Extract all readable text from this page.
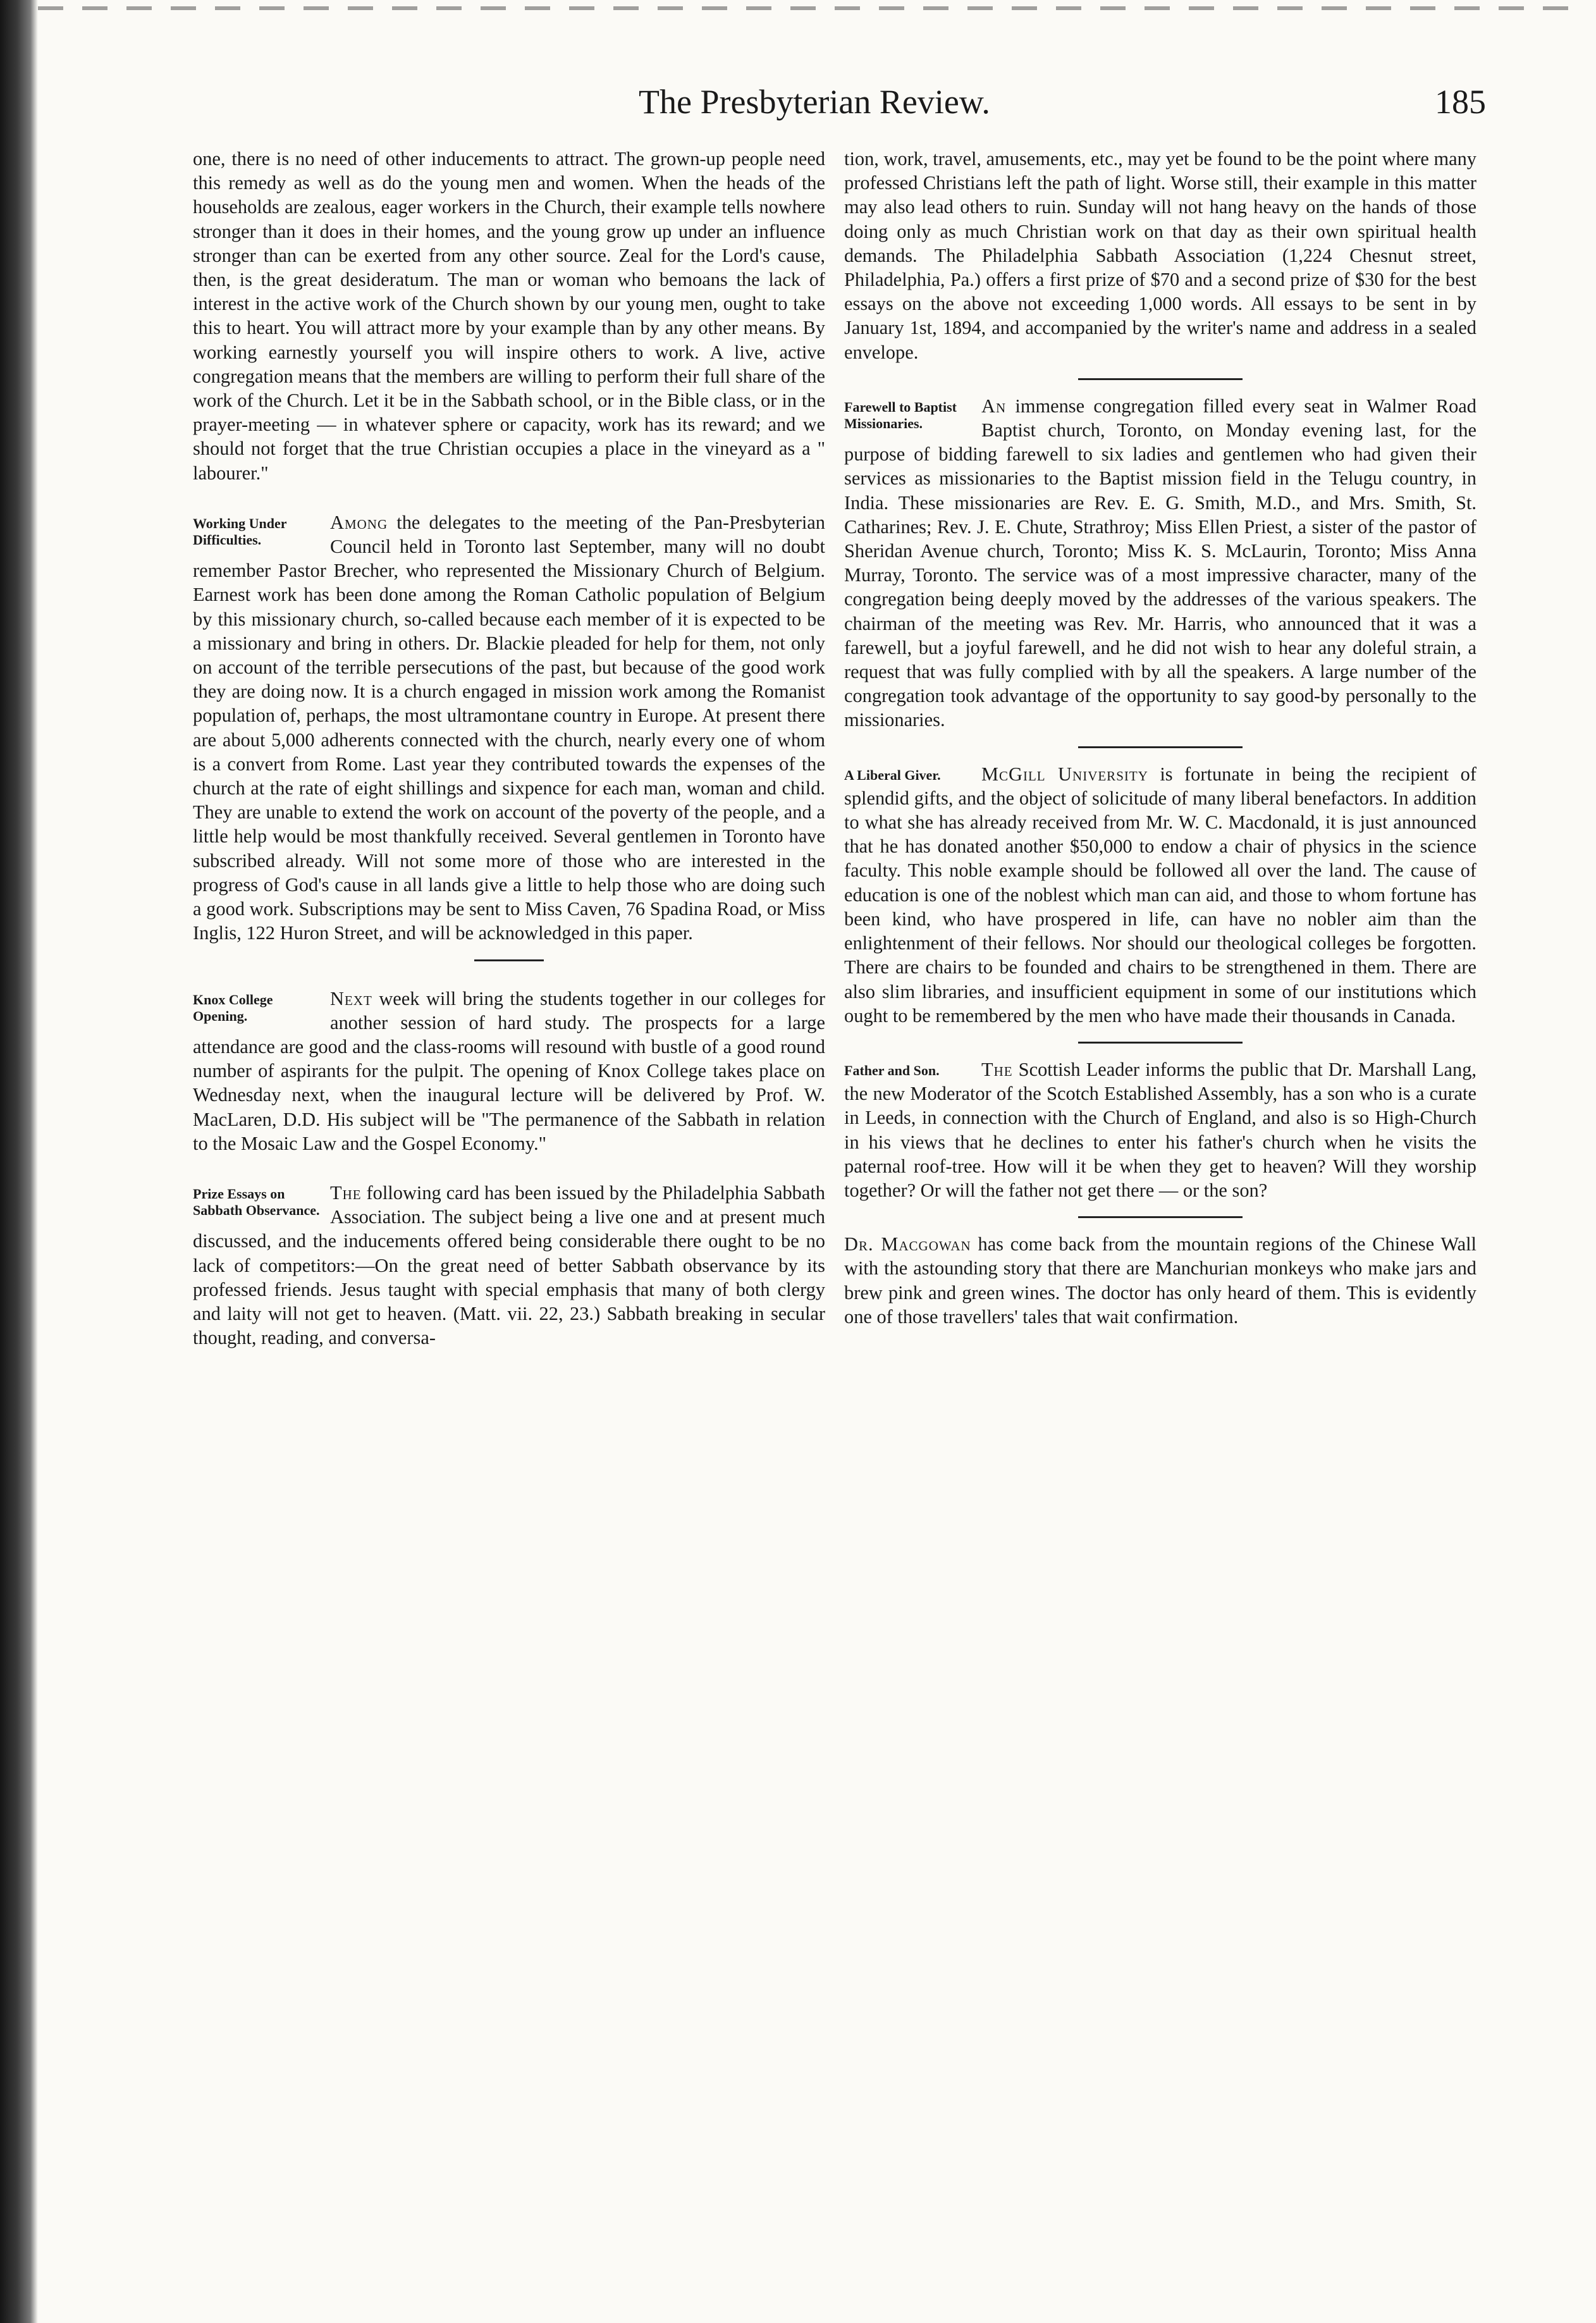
The Presbyterian Review.	185

one, there is no need of other inducements to attract. The grown-up people need this remedy as well as do the young men and women. When the heads of the households are zealous, eager workers in the Church, their example tells nowhere stronger than it does in their homes, and the young grow up under an influence stronger than can be exerted from any other source. Zeal for the Lord's cause, then, is the great desideratum. The man or woman who bemoans the lack of interest in the active work of the Church shown by our young men, ought to take this to heart. You will attract more by your example than by any other means. By working earnestly yourself you will inspire others to work. A live, active congregation means that the members are willing to perform their full share of the work of the Church. Let it be in the Sabbath school, or in the Bible class, or in the prayer-meeting — in whatever sphere or capacity, work has its reward; and we should not forget that the true Christian occupies a place in the vineyard as a " labourer."

Working Under Difficulties.

Among the delegates to the meeting of the Pan-Presbyterian Council held in Toronto last September, many will no doubt remember Pastor Brecher, who represented the Missionary Church of Belgium. Earnest work has been done among the Roman Catholic population of Belgium by this missionary church, so-called because each member of it is expected to be a missionary and bring in others. Dr. Blackie pleaded for help for them, not only on account of the terrible persecutions of the past, but because of the good work they are doing now. It is a church engaged in mission work among the Romanist population of, perhaps, the most ultramontane country in Europe. At present there are about 5,000 adherents connected with the church, nearly every one of whom is a convert from Rome. Last year they contributed towards the expenses of the church at the rate of eight shillings and sixpence for each man, woman and child. They are unable to extend the work on account of the poverty of the people, and a little help would be most thankfully received. Several gentlemen in Toronto have subscribed already. Will not some more of those who are interested in the progress of God's cause in all lands give a little to help those who are doing such a good work. Subscriptions may be sent to Miss Caven, 76 Spadina Road, or Miss Inglis, 122 Huron Street, and will be acknowledged in this paper.

Knox College Opening.

Next week will bring the students together in our colleges for another session of hard study. The prospects for a large attendance are good and the class-rooms will resound with bustle of a good round number of aspirants for the pulpit. The opening of Knox College takes place on Wednesday next, when the inaugural lecture will be delivered by Prof. W. MacLaren, D.D. His subject will be "The permanence of the Sabbath in relation to the Mosaic Law and the Gospel Economy."

Prize Essays on Sabbath Observance.

The following card has been issued by the Philadelphia Sabbath Association. The subject being a live one and at present much discussed, and the inducements offered being considerable there ought to be no lack of competitors:—On the great need of better Sabbath observance by its professed friends. Jesus taught with special emphasis that many of both clergy and laity will not get to heaven. (Matt. vii. 22, 23.) Sabbath breaking in secular thought, reading, and conversa-

tion, work, travel, amusements, etc., may yet be found to be the point where many professed Christians left the path of light. Worse still, their example in this matter may also lead others to ruin. Sunday will not hang heavy on the hands of those doing only as much Christian work on that day as their own spiritual health demands. The Philadelphia Sabbath Association (1,224 Chesnut street, Philadelphia, Pa.) offers a first prize of $70 and a second prize of $30 for the best essays on the above not exceeding 1,000 words. All essays to be sent in by January 1st, 1894, and accompanied by the writer's name and address in a sealed envelope.

Farewell to Baptist Missionaries.

An immense congregation filled every seat in Walmer Road Baptist church, Toronto, on Monday evening last, for the purpose of bidding farewell to six ladies and gentlemen who had given their services as missionaries to the Baptist mission field in the Telugu country, in India. These missionaries are Rev. E. G. Smith, M.D., and Mrs. Smith, St. Catharines; Rev. J. E. Chute, Strathroy; Miss Ellen Priest, a sister of the pastor of Sheridan Avenue church, Toronto; Miss K. S. McLaurin, Toronto; Miss Anna Murray, Toronto. The service was of a most impressive character, many of the congregation being deeply moved by the addresses of the various speakers. The chairman of the meeting was Rev. Mr. Harris, who announced that it was a farewell, but a joyful farewell, and he did not wish to hear any doleful strain, a request that was fully complied with by all the speakers. A large number of the congregation took advantage of the opportunity to say good-by personally to the missionaries.

A Liberal Giver.	McGill University is fortunate in being the recipient of splendid gifts, and the object of solicitude of many liberal benefactors. In addition to what she has already received from Mr. W. C. Macdonald, it is just announced that he has donated another $50,000 to endow a chair of physics in the science faculty. This noble example should be followed all over the land. The cause of education is one of the noblest which man can aid, and those to whom fortune has been kind, who have prospered in life, can have no nobler aim than the enlightenment of their fellows. Nor should our theological colleges be forgotten. There are chairs to be founded and chairs to be strengthened in them. There are also slim libraries, and insufficient equipment in some of our institutions which ought to be remembered by the men who have made their thousands in Canada.

Father and Son.	The Scottish Leader informs the public that Dr. Marshall Lang, the new Moderator of the Scotch Established Assembly, has a son who is a curate in Leeds, in connection with the Church of England, and also is so High-Church in his views that he declines to enter his father's church when he visits the paternal roof-tree. How will it be when they get to heaven? Will they worship together? Or will the father not get there — or the son?

Dr. Macgowan has come back from the mountain regions of the Chinese Wall with the astounding story that there are Manchurian monkeys who make jars and brew pink and green wines. The doctor has only heard of them. This is evidently one of those travellers' tales that wait confirmation.
